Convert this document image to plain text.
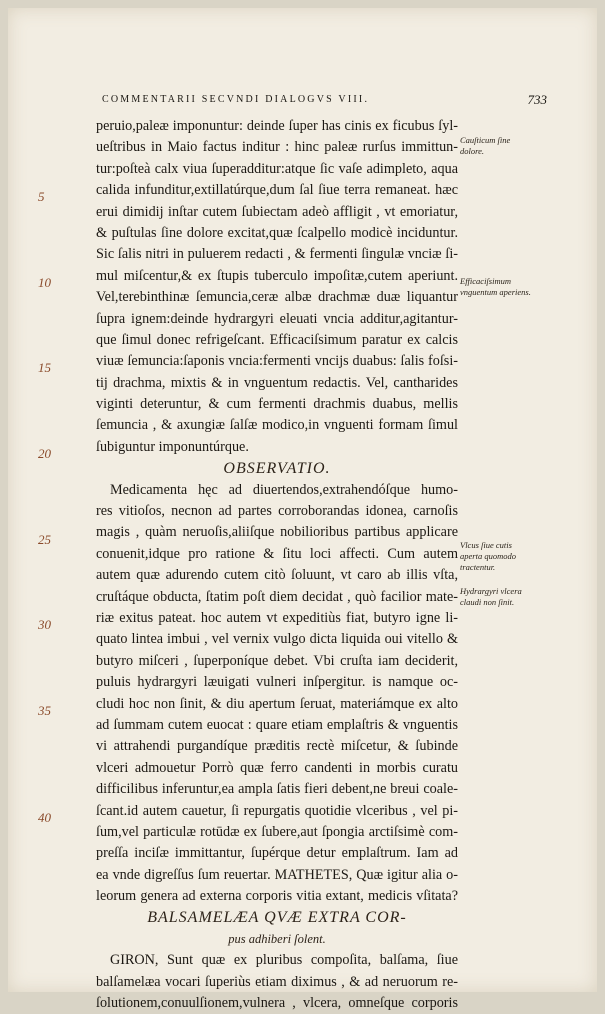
COMMENTARII SECVNDI DIALOGVS VIII.	733
peruio,paleæ imponuntur: deinde ſuper has cinis ex ficubus ſyl-
ueſtribus in Maio factus inditur : hinc paleæ rurſus immittun-
tur:poſteà calx viua ſuperadditur:atque ſic vaſe adimpleto, aqua
calida infunditur,extillatúrque,dum ſal ſiue terra remaneat. hæc
erui dimidij inſtar cutem ſubiectam adeò affligit , vt emoriatur,
& puſtulas ſine dolore excitat,quæ ſcalpello modicè inciduntur.
Sic ſalis nitri in puluerem redacti , & fermenti ſingulæ vnciæ ſi-
mul miſcentur,& ex ſtupis tuberculo impoſitæ,cutem aperiunt.
Vel,terebinthinæ ſemuncia,ceræ albæ drachmæ duæ liquantur
ſupra ignem:deinde hydrargyri eleuati vncia additur,agitantur-
que ſimul donec refrigeſcant. Efficaciſsimum paratur ex calcis
viuæ ſemuncia:ſaponis vncia:fermenti vncijs duabus: ſalis foſsi-
tij drachma, mixtis & in vnguentum redactis. Vel, cantharides
viginti deteruntur, & cum fermenti drachmis duabus, mellis
ſemuncia , & axungiæ ſalſæ modico,in vnguenti formam ſimul
ſubiguntur imponuntúrque.
OBSERVATIO.
Medicamenta hęc ad diuertendos,extrahendóſque humo-
res vitioſos, necnon ad partes corroborandas idonea, carnoſis
magis , quàm neruoſis,aliiſque nobilioribus partibus applicare
conuenit,idque pro ratione & ſitu loci affecti. Cum autem
autem quæ adurendo cutem citò ſoluunt, vt caro ab illis vſta,
cruſtáque obducta, ſtatim poſt diem decidat , quò facilior mate-
riæ exitus pateat. hoc autem vt expeditiùs fiat, butyro igne li-
quato lintea imbui , vel vernix vulgo dicta liquida oui vitello &
butyro miſceri , ſuperponíque debet. Vbi cruſta iam deciderit,
puluis hydrargyri læuigati vulneri inſpergitur. is namque oc-
cludi hoc non ſinit, & diu apertum ſeruat, materiámque ex alto
ad ſummam cutem euocat : quare etiam emplaſtris & vnguentis
vi attrahendi purgandíque præditis rectè miſcetur, & ſubinde
vlceri admouetur Porrò quæ ferro candenti in morbis curatu
difficilibus inferuntur,ea ampla ſatis fieri debent,ne breui coale-
ſcant.id autem cauetur, ſi repurgatis quotidie vlceribus , vel pi-
ſum,vel particulæ rotūdæ ex ſubere,aut ſpongia arctiſsimè com-
preſſa inciſæ immittantur, ſupérque detur emplaſtrum. Iam ad
ea vnde digreſſus ſum reuertar. MATHETES, Quæ igitur alia o-
leorum genera ad externa corporis vitia extant, medicis vſitata?
BALSAMELÆA QVÆ EXTRA COR-
pus adhiberi ſolent.
GIRON, Sunt quæ ex pluribus compoſita, balſama, ſiue
balſamelæa vocari ſuperiùs etiam diximus , & ad neruorum re-
ſolutionem,conuulſionem,vulnera , vlcera, omneſque corporis
5
10
15
20
25
30
35
40
Cauſticum ſine dolore.
Efficaciſsimum vnguentum aperiens.
Vlcus ſiue cutis aperta quomodo tractentur.
Hydrargyri vlcera claudi non ſinit.
